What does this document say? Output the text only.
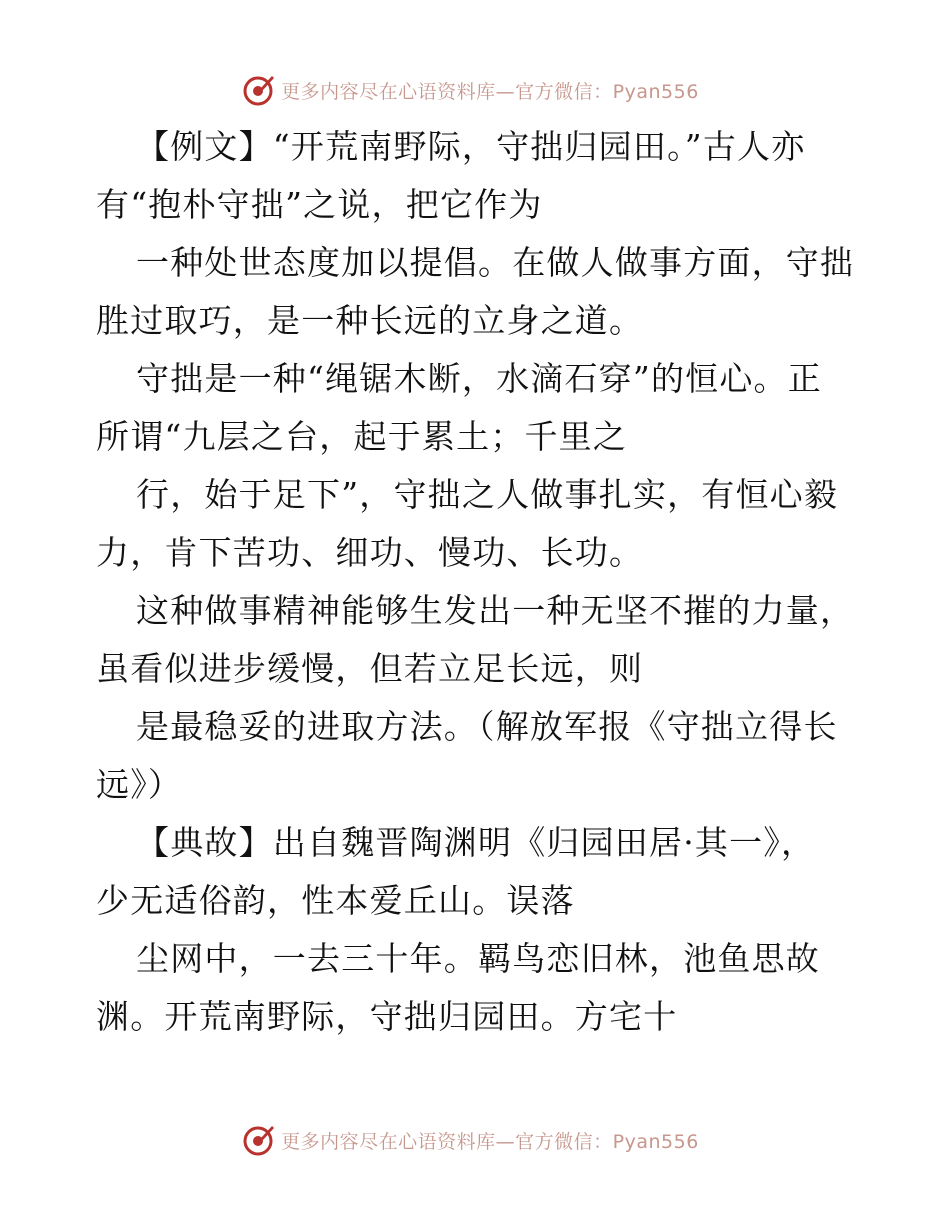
更多内容尽在心语资料库—官方微信：Pyan556
【例文】“开荒南野际，守拙归园田。”古人亦
有“抱朴守拙”之说，把它作为
一种处世态度加以提倡。在做人做事方面，守拙
胜过取巧，是一种长远的立身之道。
守拙是一种“绳锯木断，水滴石穿”的恒心。正
所谓“九层之台，起于累土；千里之
行，始于足下”，守拙之人做事扎实，有恒心毅
力，肯下苦功、细功、慢功、长功。
这种做事精神能够生发出一种无坚不摧的力量，
虽看似进步缓慢，但若立足长远，则
是最稳妥的进取方法。（解放军报《守拙立得长
远》）
【典故】出自魏晋陶渊明《归园田居·其一》，
少无适俗韵，性本爱丘山。误落
尘网中，一去三十年。羁鸟恋旧林，池鱼思故
渊。开荒南野际，守拙归园田。方宅十
更多内容尽在心语资料库—官方微信：Pyan556
